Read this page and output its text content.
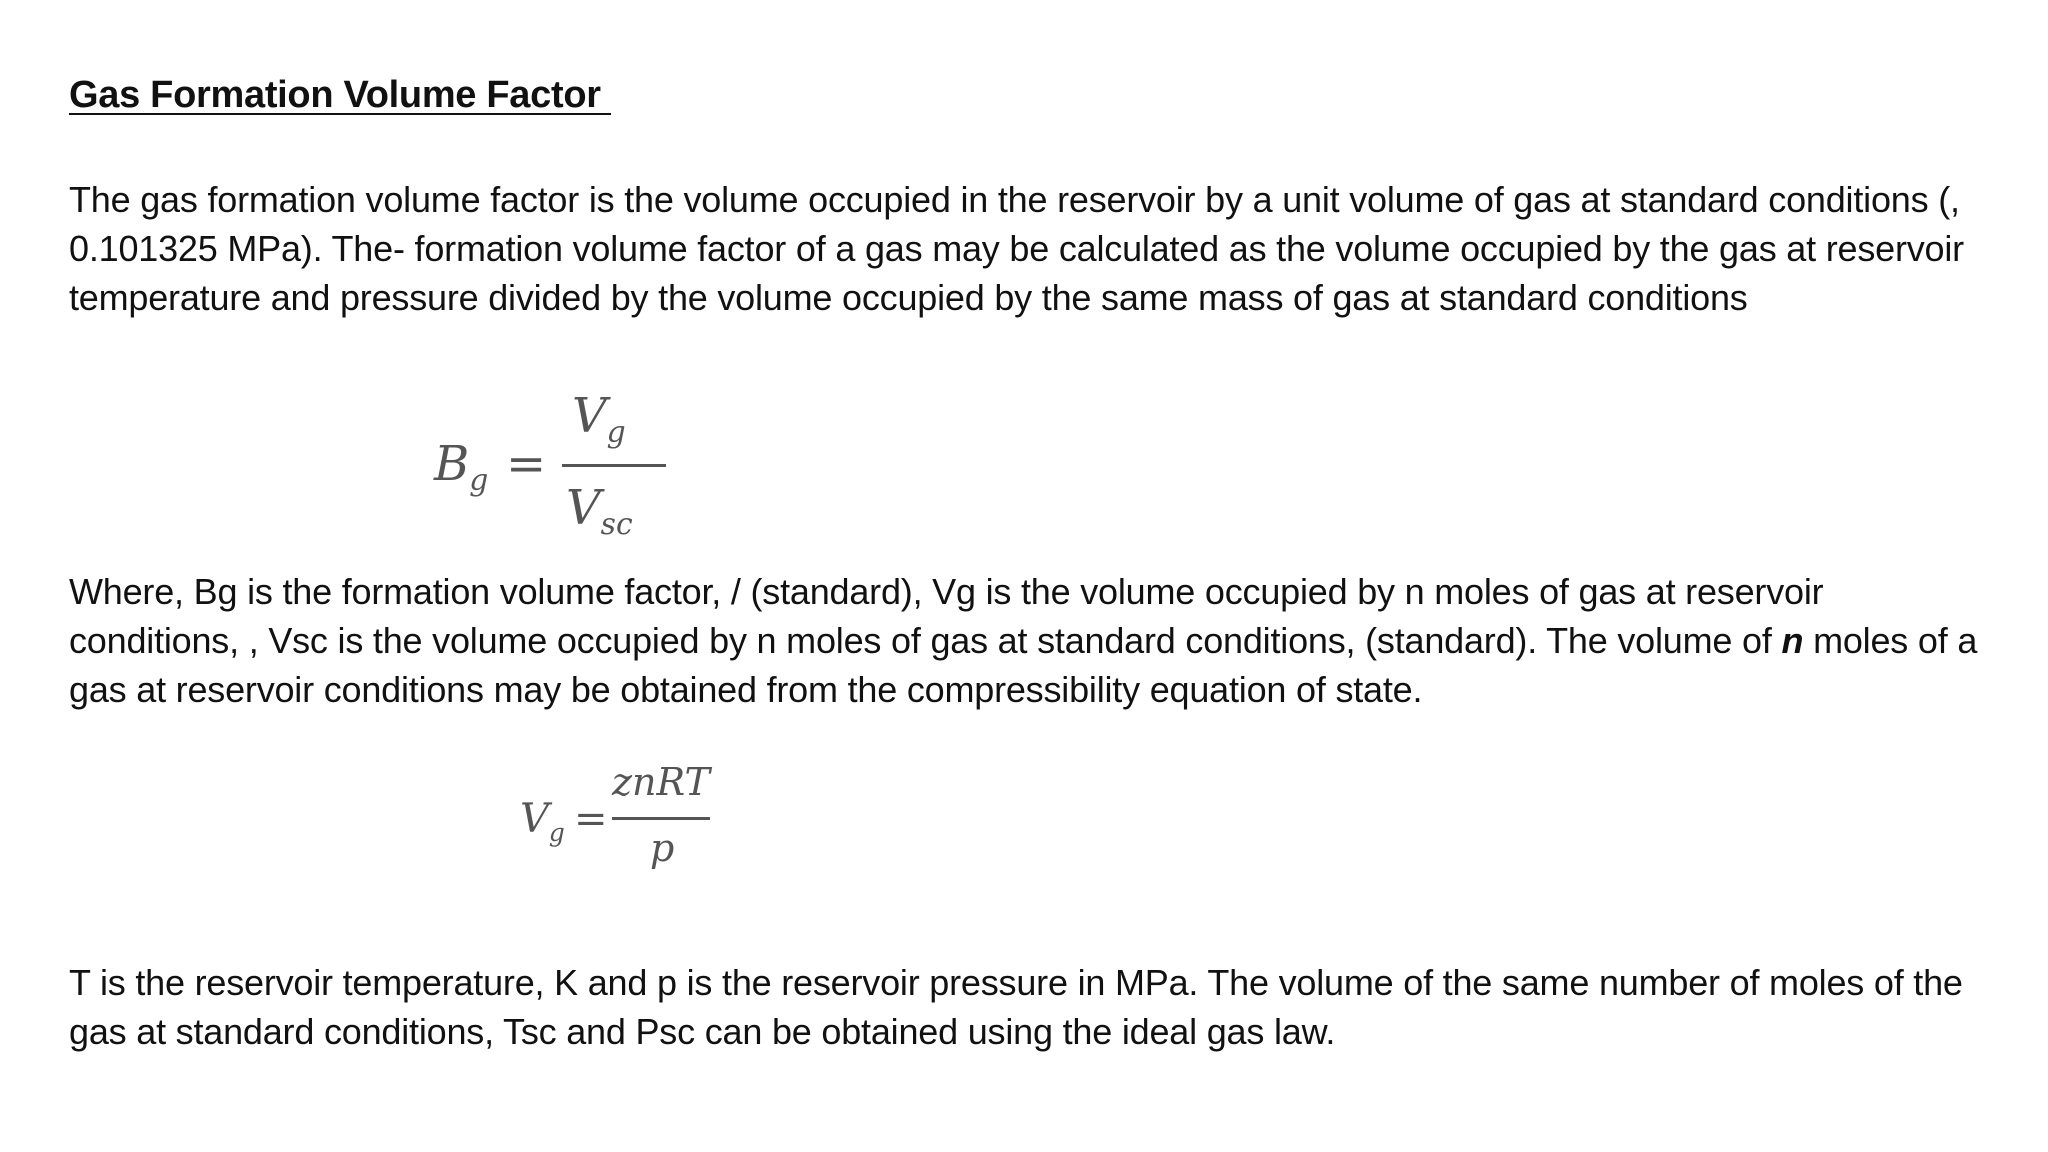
Gas Formation Volume Factor

The gas formation volume factor is the volume occupied in the reservoir by a unit volume of gas at standard conditions (, 0.101325 MPa). The- formation volume factor of a gas may be calculated as the volume occupied by the gas at reservoir temperature and pressure divided by the volume occupied by the same mass of gas at standard conditions

$B_g$ =
$V_g$
$V_{sc}$

Where, Bg is the formation volume factor, / (standard), Vg is the volume occupied by n moles of gas at reservoir conditions, , Vsc is the volume occupied by n moles of gas at standard conditions, (standard). The volume of n moles of a gas at reservoir conditions may be obtained from the compressibility equation of state.

$V_g$ =
znRT
p

T is the reservoir temperature, K and p is the reservoir pressure in MPa. The volume of the same number of moles of the gas at standard conditions, Tsc and Psc can be obtained using the ideal gas law.
